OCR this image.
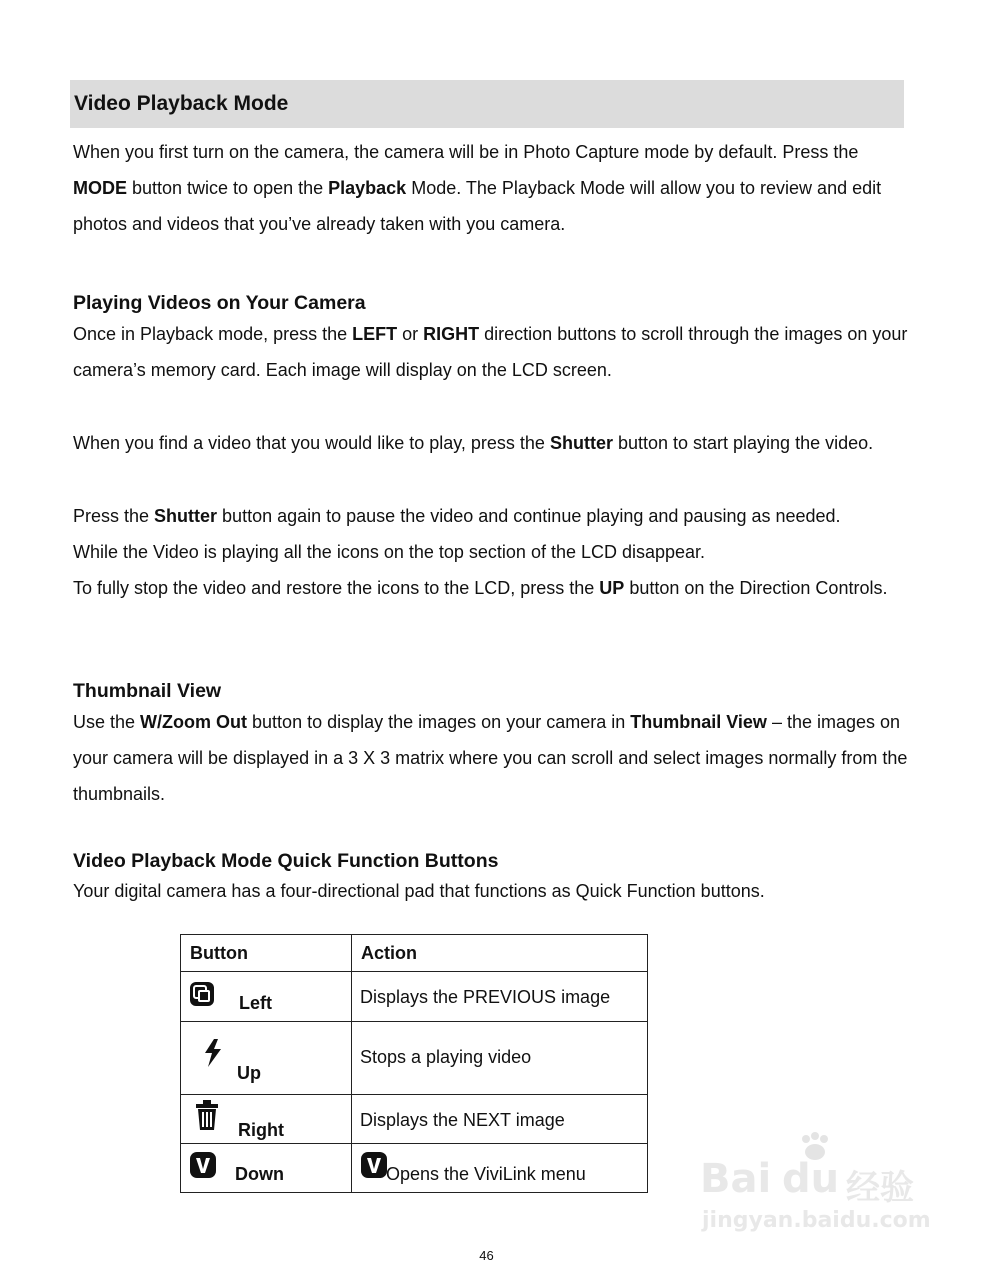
Video Playback Mode

When you first turn on the camera, the camera will be in Photo Capture mode by default. Press the MODE button twice to open the Playback Mode. The Playback Mode will allow you to review and edit photos and videos that you’ve already taken with you camera.

Playing Videos on Your Camera

Once in Playback mode, press the LEFT or RIGHT direction buttons to scroll through the images on your camera’s memory card. Each image will display on the LCD screen.

When you find a video that you would like to play, press the Shutter button to start playing the video.

Press the Shutter button again to pause the video and continue playing and pausing as needed.

While the Video is playing all the icons on the top section of the LCD disappear.

To fully stop the video and restore the icons to the LCD, press the UP button on the Direction Controls.

Thumbnail View

Use the W/Zoom Out button to display the images on your camera in Thumbnail View – the images on your camera will be displayed in a 3 X 3 matrix where you can scroll and select images normally from the thumbnails.

Video Playback Mode Quick Function Buttons

Your digital camera has a four-directional pad that functions as Quick Function buttons.

Button	Action

Left	Displays the PREVIOUS image

Up	Stops a playing video

Right	Displays the NEXT image

Down	Opens the ViviLink menu	Bai du 经验
jingyan.baidu.com
46
